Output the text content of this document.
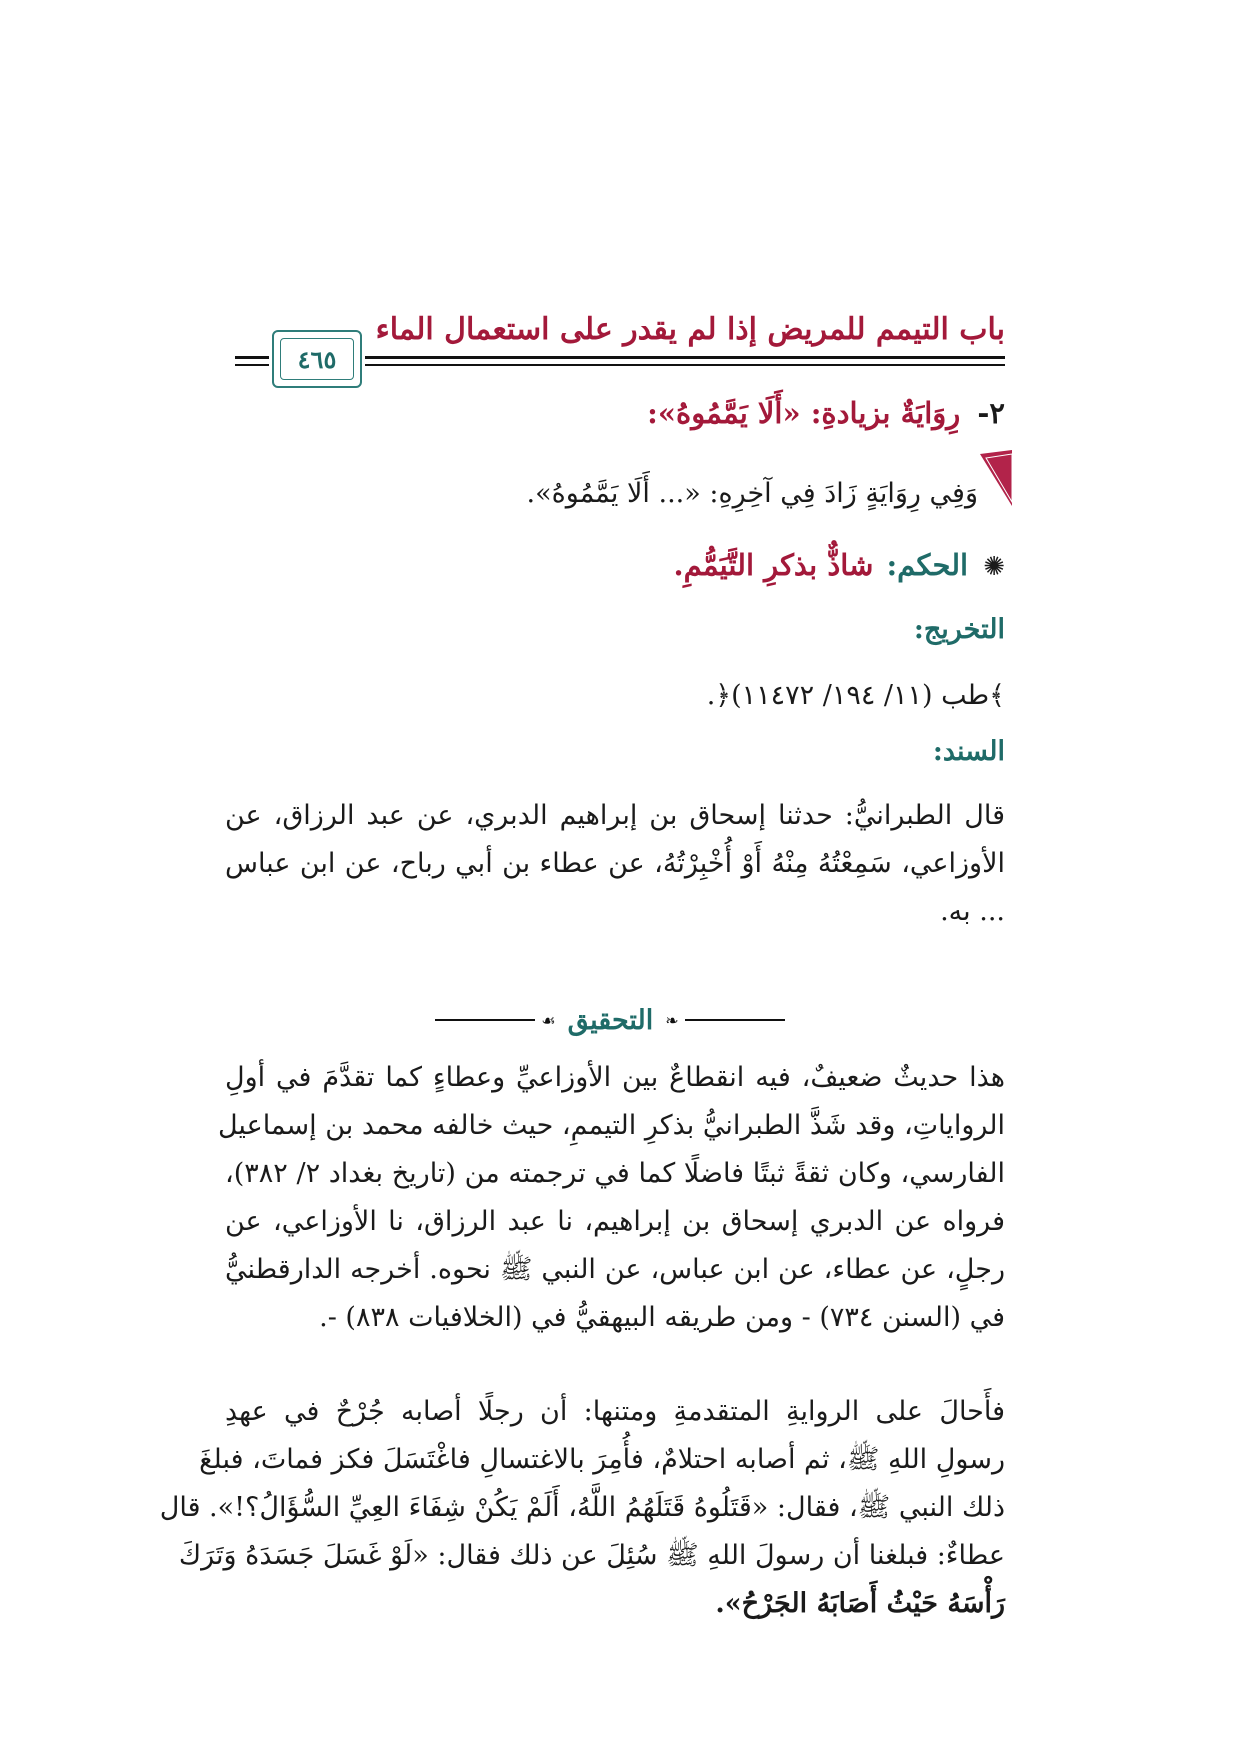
باب التيمم للمريض إذا لم يقدر على استعمال الماء
٤٦٥
٢- رِوَايَةٌ بزيادةِ: «أَلَا يَمَّمُوهُ»:
وَفِي رِوَايَةٍ زَادَ فِي آخِرِهِ: «... أَلَا يَمَّمُوهُ».
✺ الحكم: شاذٌّ بذكرِ التَّيَمُّمِ.
التخريج:
﴾طب (١١/ ١٩٤/ ١١٤٧٢)﴿.
السند:
قال الطبرانيُّ: حدثنا إسحاق بن إبراهيم الدبري، عن عبد الرزاق، عن
الأوزاعي، سَمِعْتُهُ مِنْهُ أَوْ أُخْبِرْتُهُ، عن عطاء بن أبي رباح، عن ابن عباس
... به.
❧
التحقيق
☙
هذا حديثٌ ضعيفٌ، فيه انقطاعٌ بين الأوزاعيِّ وعطاءٍ كما تقدَّمَ في أولِ
الرواياتِ، وقد شَذَّ الطبرانيُّ بذكرِ التيممِ، حيث خالفه محمد بن إسماعيل
الفارسي، وكان ثقةً ثبتًا فاضلًا كما في ترجمته من (تاريخ بغداد ٢/ ٣٨٢)،
فرواه عن الدبري إسحاق بن إبراهيم، نا عبد الرزاق، نا الأوزاعي، عن
رجلٍ، عن عطاء، عن ابن عباس، عن النبي ﷺ نحوه. أخرجه الدارقطنيُّ
في (السنن ٧٣٤) - ومن طريقه البيهقيُّ في (الخلافيات ٨٣٨) -.
فأَحالَ على الروايةِ المتقدمةِ ومتنها: أن رجلًا أصابه جُرْحٌ في عهدِ
رسولِ اللهِ ﷺ، ثم أصابه احتلامٌ، فأُمِرَ بالاغتسالِ فاغْتَسَلَ فكز فماتَ، فبلغَ
ذلك النبي ﷺ، فقال: «قَتَلُوهُ قَتَلَهُمُ اللَّهُ، أَلَمْ يَكُنْ شِفَاءَ العِيِّ السُّؤَالُ؟!». قال
عطاءٌ: فبلغنا أن رسولَ اللهِ ﷺ سُئِلَ عن ذلك فقال: «لَوْ غَسَلَ جَسَدَهُ وَتَرَكَ
رَأْسَهُ حَيْثُ أَصَابَهُ الجَرْحُ».
